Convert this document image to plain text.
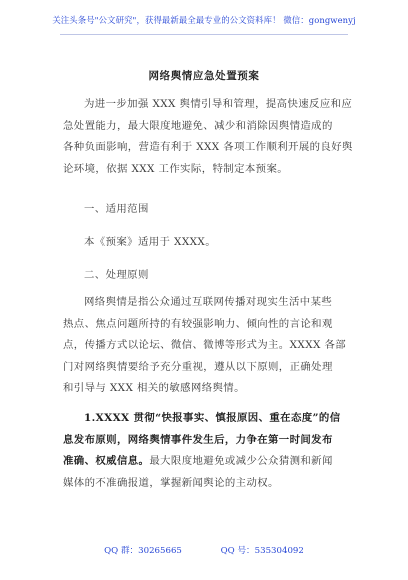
关注头条号"公文研究"，获得最新最全最专业的公文资料库！ 微信：gongwenyj
网络舆情应急处置预案
为进一步加强 XXX 舆情引导和管理，提高快速反应和应
急处置能力，最大限度地避免、减少和消除因舆情造成的
各种负面影响，营造有利于 XXX 各项工作顺利开展的良好舆
论环境，依据 XXX 工作实际，特制定本预案。
一、适用范围
本《预案》适用于 XXXX。
二、处理原则
网络舆情是指公众通过互联网传播对现实生活中某些
热点、焦点问题所持的有较强影响力、倾向性的言论和观
点，传播方式以论坛、微信、微博等形式为主。XXXX 各部
门对网络舆情要给予充分重视，遵从以下原则，正确处理
和引导与 XXX 相关的敏感网络舆情。
1.XXXX 贯彻“快报事实、慎报原因、重在态度”的信
息发布原则，网络舆情事件发生后，力争在第一时间发布
准确、权威信息。最大限度地避免或减少公众猜测和新闻
媒体的不准确报道，掌握新闻舆论的主动权。
QQ 群：30265665	QQ 号：535304092
